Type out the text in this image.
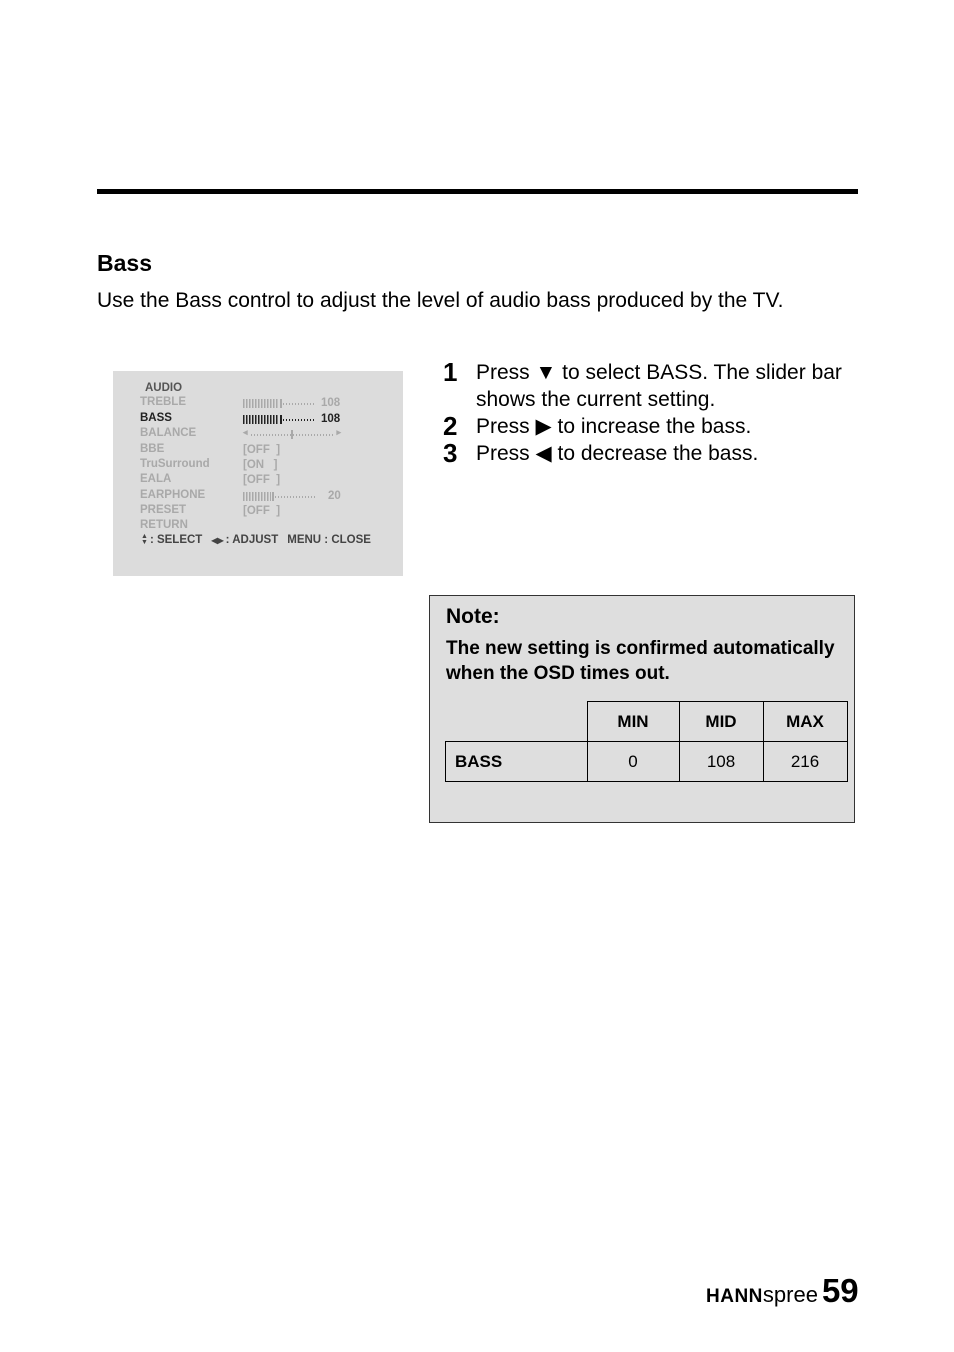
Bass

Use the Bass control to adjust the level of audio bass produced by the TV.

AUDIO
TREBLE	108
BASS	108
BALANCE	◂	▸
BBE	[ OFF ]
TruSurround	[ ON ]
EALA	[ OFF ]
EARPHONE	20
PRESET	[ OFF ]
RETURN
▲
▼ : SELECT ◀▶ : ADJUST MENU : CLOSE
1 Press ▼ to select BASS. The slider bar shows the current setting.
2 Press ▶ to increase the bass.
3 Press ◀ to decrease the bass.
Note:

The new setting is confirmed automatically when the OSD times out.

	MIN	MID	MAX
BASS	0	108	216
HANN spree 59
